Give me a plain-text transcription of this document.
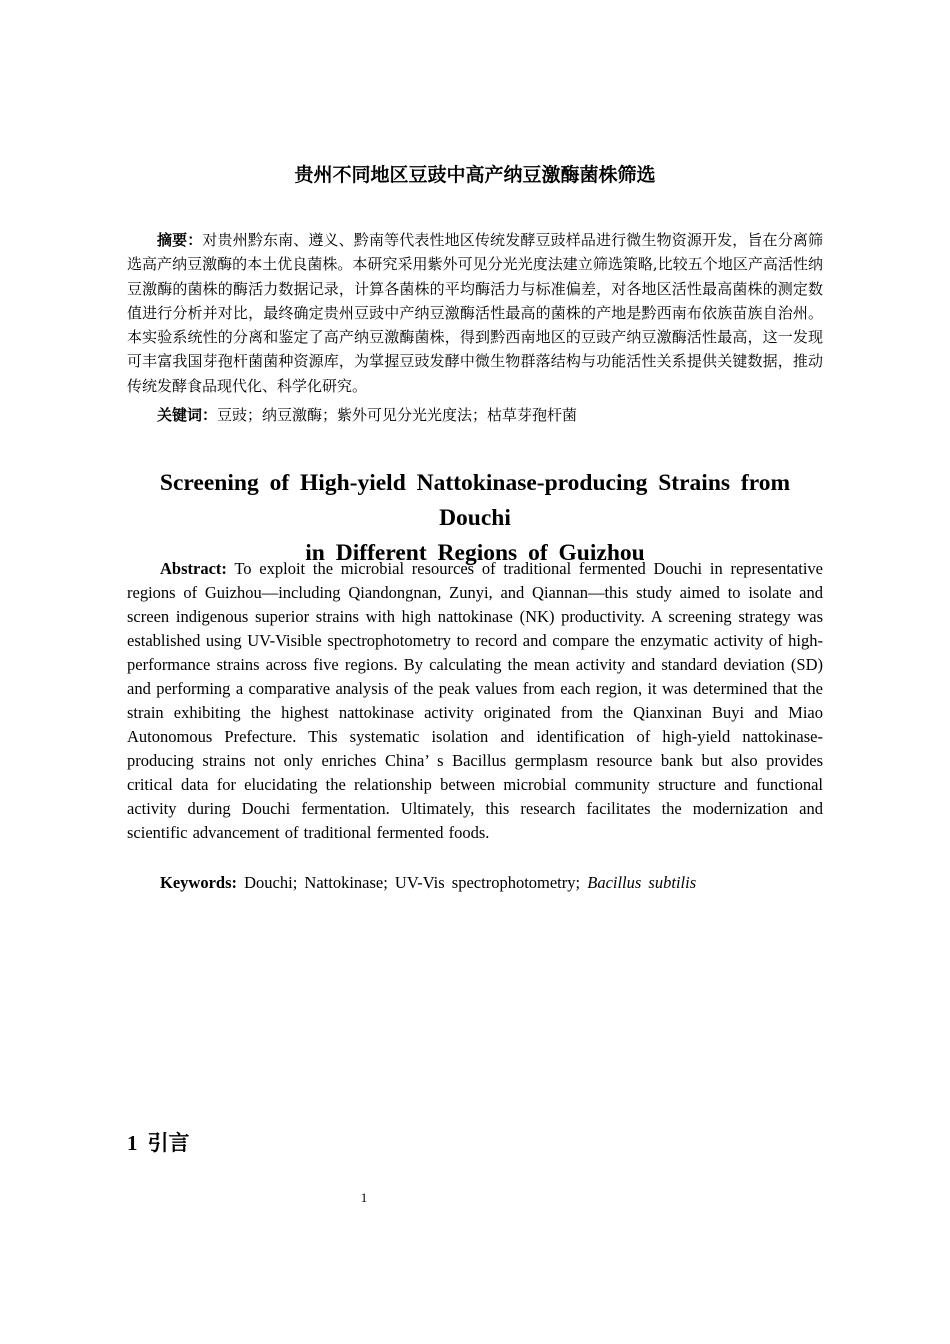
贵州不同地区豆豉中高产纳豆激酶菌株筛选

摘要：对贵州黔东南、遵义、黔南等代表性地区传统发酵豆豉样品进行微生物资源开发，旨在分离筛选高产纳豆激酶的本土优良菌株。本研究采用紫外可见分光光度法建立筛选策略,比较五个地区产高活性纳豆激酶的菌株的酶活力数据记录，计算各菌株的平均酶活力与标准偏差，对各地区活性最高菌株的测定数值进行分析并对比，最终确定贵州豆豉中产纳豆激酶活性最高的菌株的产地是黔西南布依族苗族自治州。本实验系统性的分离和鉴定了高产纳豆激酶菌株，得到黔西南地区的豆豉产纳豆激酶活性最高，这一发现可丰富我国芽孢杆菌菌种资源库，为掌握豆豉发酵中微生物群落结构与功能活性关系提供关键数据，推动传统发酵食品现代化、科学化研究。

关键词：豆豉；纳豆激酶；紫外可见分光光度法；枯草芽孢杆菌

Screening of High-yield Nattokinase-producing Strains from Douchi
in Different Regions of Guizhou

Abstract: To exploit the microbial resources of traditional fermented Douchi in representative regions of Guizhou—including Qiandongnan, Zunyi, and Qiannan—this study aimed to isolate and screen indigenous superior strains with high nattokinase (NK) productivity. A screening strategy was established using UV-Visible spectrophotometry to record and compare the enzymatic activity of high-performance strains across five regions. By calculating the mean activity and standard deviation (SD) and performing a comparative analysis of the peak values from each region, it was determined that the strain exhibiting the highest nattokinase activity originated from the Qianxinan Buyi and Miao Autonomous Prefecture. This systematic isolation and identification of high-yield nattokinase-producing strains not only enriches China’ s Bacillus germplasm resource bank but also provides critical data for elucidating the relationship between microbial community structure and functional activity during Douchi fermentation. Ultimately, this research facilitates the modernization and scientific advancement of traditional fermented foods.

Keywords: Douchi; Nattokinase; UV-Vis spectrophotometry; Bacillus subtilis

1 引言
1
